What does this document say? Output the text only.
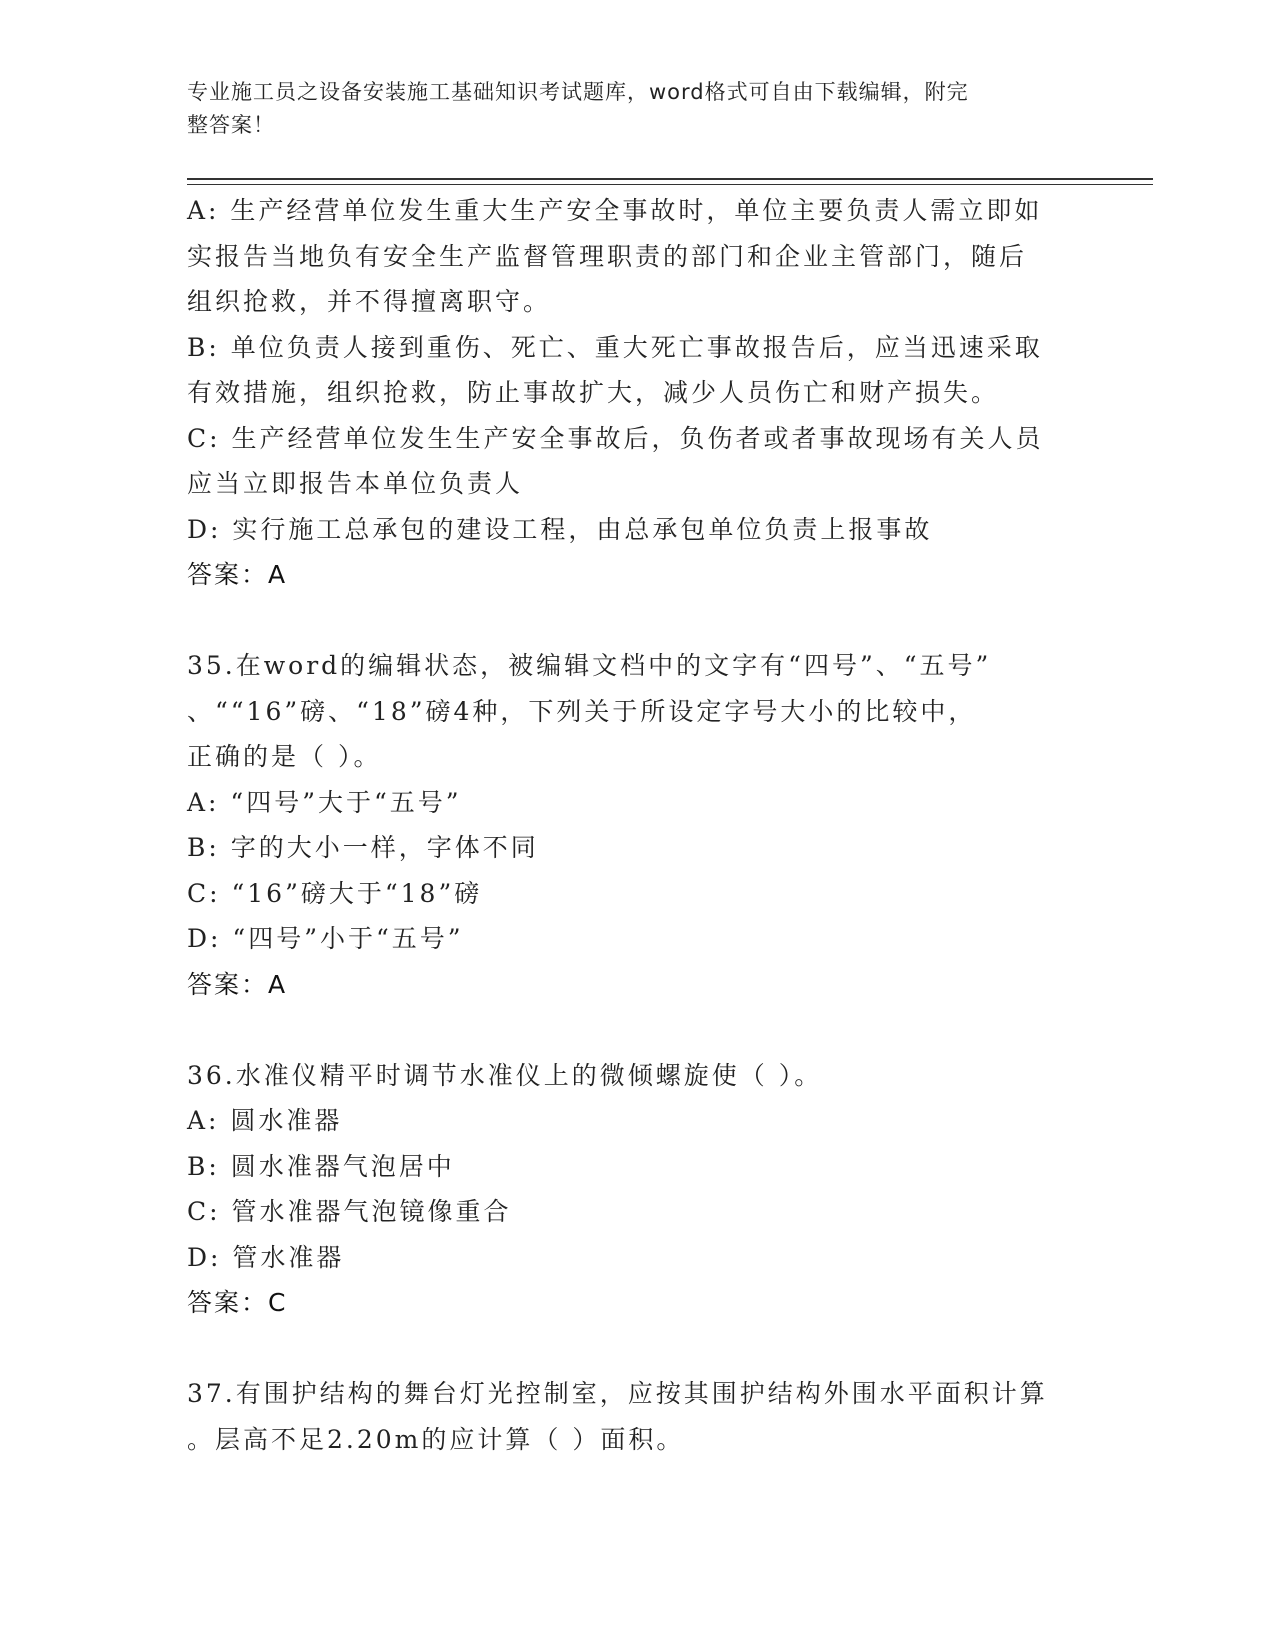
专业施工员之设备安装施工基础知识考试题库，word格式可自由下载编辑，附完
整答案！
A: 生产经营单位发生重大生产安全事故时，单位主要负责人需立即如
实报告当地负有安全生产监督管理职责的部门和企业主管部门，随后
组织抢救，并不得擅离职守。
B: 单位负责人接到重伤、死亡、重大死亡事故报告后，应当迅速采取
有效措施，组织抢救，防止事故扩大，减少人员伤亡和财产损失。
C: 生产经营单位发生生产安全事故后，负伤者或者事故现场有关人员
应当立即报告本单位负责人
D: 实行施工总承包的建设工程，由总承包单位负责上报事故
答案：A
35.在word的编辑状态，被编辑文档中的文字有“四号”、“五号”
、““16”磅、“18”磅4种，下列关于所设定字号大小的比较中，
正确的是（ ）。
A: “四号”大于“五号”
B: 字的大小一样，字体不同
C: “16”磅大于“18”磅
D: “四号”小于“五号”
答案：A
36.水准仪精平时调节水准仪上的微倾螺旋使（ ）。
A: 圆水准器
B: 圆水准器气泡居中
C: 管水准器气泡镜像重合
D: 管水准器
答案：C
37.有围护结构的舞台灯光控制室，应按其围护结构外围水平面积计算
。层高不足2.20m的应计算（ ）面积。
